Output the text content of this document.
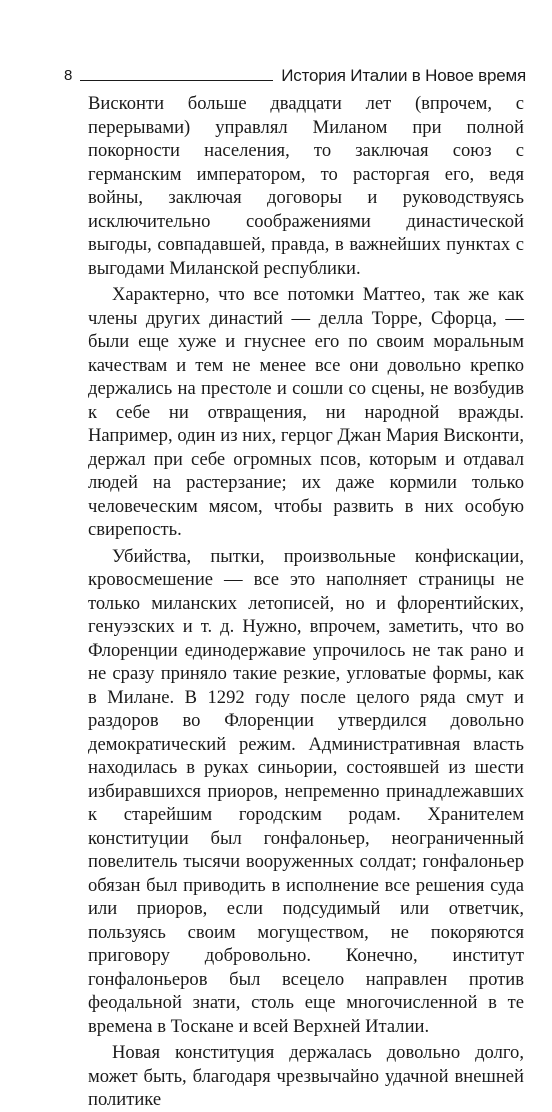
8	История Италии в Новое время

Висконти больше двадцати лет (впрочем, с перерывами) управлял Миланом при полной покорности населения, то заключая союз с германским императором, то расторгая его, ведя войны, заключая договоры и руководствуясь исключительно соображениями династической выгоды, совпадавшей, правда, в важнейших пунктах с выгодами Миланской республики.

Характерно, что все потомки Маттео, так же как члены других династий — делла Торре, Сфорца, — были еще хуже и гнуснее его по своим моральным качествам и тем не менее все они довольно крепко держались на престоле и сошли со сцены, не возбудив к себе ни отвращения, ни народной вражды. Например, один из них, герцог Джан Мария Висконти, держал при себе огромных псов, которым и отдавал людей на растерзание; их даже кормили только человеческим мясом, чтобы развить в них особую свирепость.

Убийства, пытки, произвольные конфискации, кровосмешение — все это наполняет страницы не только миланских летописей, но и флорентийских, генуэзских и т. д. Нужно, впрочем, заметить, что во Флоренции единодержавие упрочилось не так рано и не сразу приняло такие резкие, угловатые формы, как в Милане. В 1292 году после целого ряда смут и раздоров во Флоренции утвердился довольно демократический режим. Административная власть находилась в руках синьории, состоявшей из шести избиравшихся приоров, непременно принадлежавших к старейшим городским родам. Хранителем конституции был гонфалоньер, неограниченный повелитель тысячи вооруженных солдат; гонфалоньер обязан был приводить в исполнение все решения суда или приоров, если подсудимый или ответчик, пользуясь своим могуществом, не покоряются приговору добровольно. Конечно, институт гонфалоньеров был всецело направлен против феодальной знати, столь еще многочисленной в те времена в Тоскане и всей Верхней Италии.

Новая конституция держалась довольно долго, может быть, благодаря чрезвычайно удачной внешней политике
